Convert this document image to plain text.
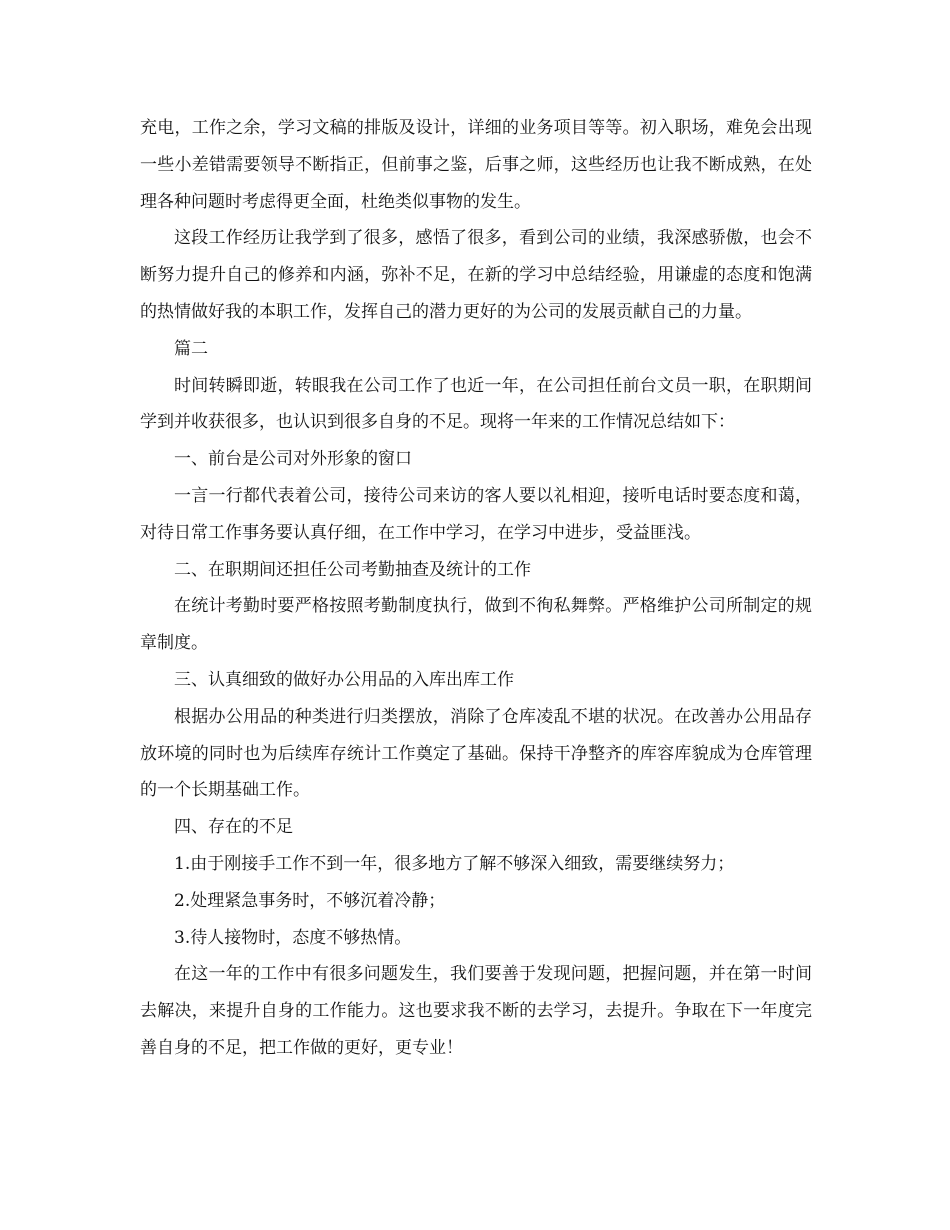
充电，工作之余，学习文稿的排版及设计，详细的业务项目等等。初入职场，难免会出现一些小差错需要领导不断指正，但前事之鉴，后事之师，这些经历也让我不断成熟，在处理各种问题时考虑得更全面，杜绝类似事物的发生。

这段工作经历让我学到了很多，感悟了很多，看到公司的业绩，我深感骄傲，也会不断努力提升自己的修养和内涵，弥补不足，在新的学习中总结经验，用谦虚的态度和饱满的热情做好我的本职工作，发挥自己的潜力更好的为公司的发展贡献自己的力量。

篇二

时间转瞬即逝，转眼我在公司工作了也近一年，在公司担任前台文员一职，在职期间学到并收获很多，也认识到很多自身的不足。现将一年来的工作情况总结如下：

一、前台是公司对外形象的窗口

一言一行都代表着公司，接待公司来访的客人要以礼相迎，接听电话时要态度和蔼，对待日常工作事务要认真仔细，在工作中学习，在学习中进步，受益匪浅。

二、在职期间还担任公司考勤抽查及统计的工作

在统计考勤时要严格按照考勤制度执行，做到不徇私舞弊。严格维护公司所制定的规章制度。

三、认真细致的做好办公用品的入库出库工作

根据办公用品的种类进行归类摆放，消除了仓库凌乱不堪的状况。在改善办公用品存放环境的同时也为后续库存统计工作奠定了基础。保持干净整齐的库容库貌成为仓库管理的一个长期基础工作。

四、存在的不足

1.由于刚接手工作不到一年，很多地方了解不够深入细致，需要继续努力；

2.处理紧急事务时，不够沉着冷静；

3.待人接物时，态度不够热情。

在这一年的工作中有很多问题发生，我们要善于发现问题，把握问题，并在第一时间去解决，来提升自身的工作能力。这也要求我不断的去学习，去提升。争取在下一年度完善自身的不足，把工作做的更好，更专业！
